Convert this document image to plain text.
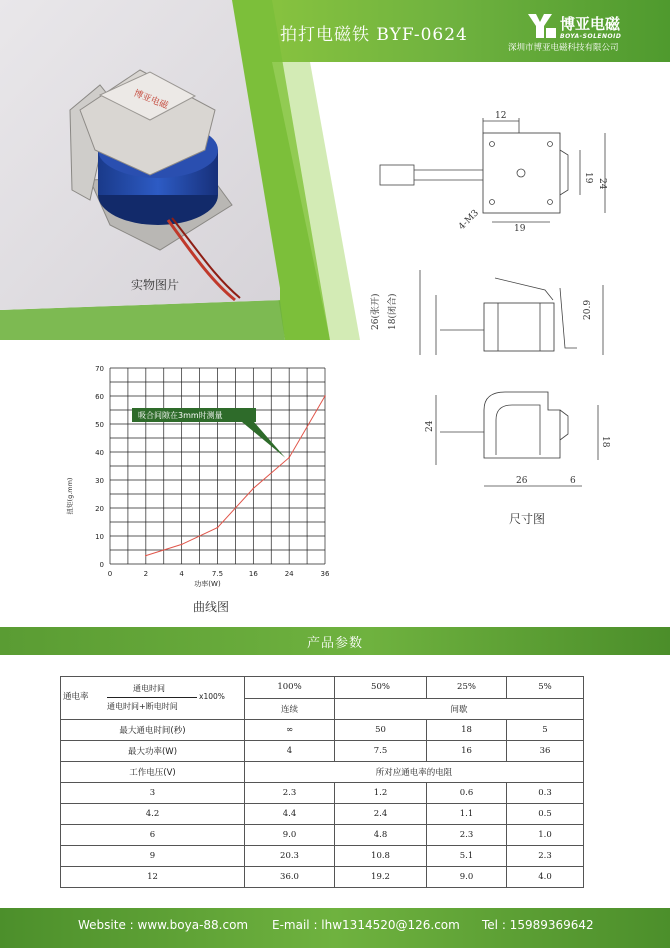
拍打电磁铁 BYF-0624
博亚电磁
BOYA-SOLENOID
深圳市博亚电磁科技有限公司
博亚电磁
实物图片
0
10
20
30
40
50
60
70
0	2	4	7.5	16	24	36
功率(W)
扭矩(g.mm)
吸合间隙在3mm时测量
曲线图
12
19
24
19
4-M3
26(张开) 18(闭合)	20.9
24
18
26	6
尺寸图
产品参数
通电率
通电时间
通电时间+断电时间
x100%	100%	50%	25%	5%
	连续	间歇		
最大通电时间(秒)	∞	50	18	5
最大功率(W)	4	7.5	16	36
工作电压(V)	所对应通电率的电阻			
3	2.3	1.2	0.6	0.3
4.2	4.4	2.4	1.1	0.5
6	9.0	4.8	2.3	1.0
9	20.3	10.8	5.1	2.3
12	36.0	19.2	9.0	4.0
Website : www.boya-88.com E-mail : lhw1314520@126.com Tel : 15989369642
